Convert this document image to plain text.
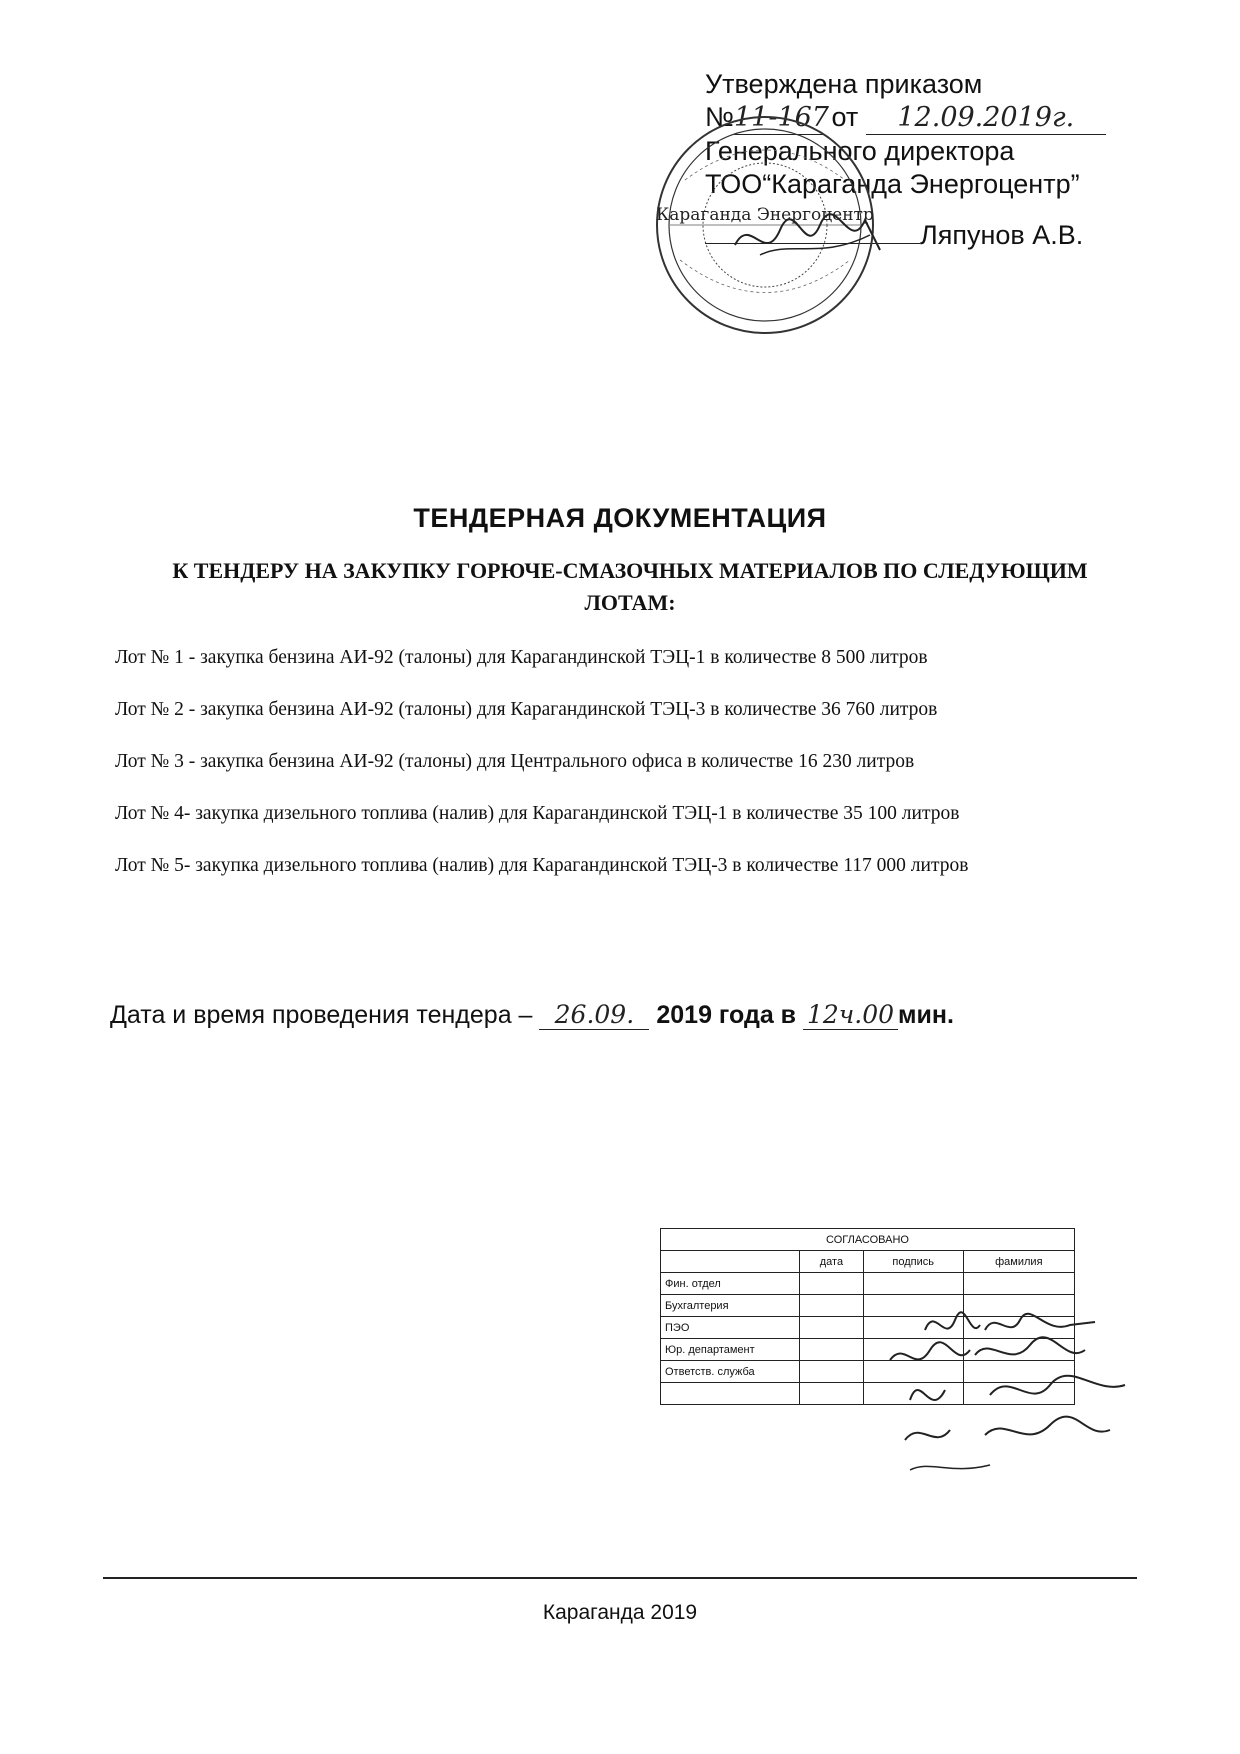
Утверждена приказом
№11-167 от 12.09.2019г.
Генерального директора
ТОО“Караганда Энергоцентр”
Ляпунов А.В.
Караганда Энергоцентр
ТЕНДЕРНАЯ ДОКУМЕНТАЦИЯ
К ТЕНДЕРУ НА ЗАКУПКУ ГОРЮЧЕ-СМАЗОЧНЫХ МАТЕРИАЛОВ ПО СЛЕДУЮЩИМ ЛОТАМ:
Лот № 1 - закупка бензина АИ-92 (талоны) для Карагандинской ТЭЦ-1 в количестве 8 500 литров
Лот № 2 - закупка бензина АИ-92 (талоны) для Карагандинской ТЭЦ-3 в количестве 36 760 литров
Лот № 3 - закупка бензина АИ-92 (талоны) для Центрального офиса в количестве 16 230 литров
Лот № 4- закупка дизельного топлива (налив) для Карагандинской ТЭЦ-1 в количестве 35 100 литров
Лот № 5- закупка дизельного топлива (налив) для Карагандинской ТЭЦ-3 в количестве 117 000 литров
Дата и время проведения тендера – 26.09. 2019 года в 12ч.00 мин.
СОГЛАСОВАНО			
	дата	подпись	фамилия
Фин. отдел			
Бухгалтерия			
ПЭО			
Юр. департамент			
Ответств. служба			

Караганда 2019
